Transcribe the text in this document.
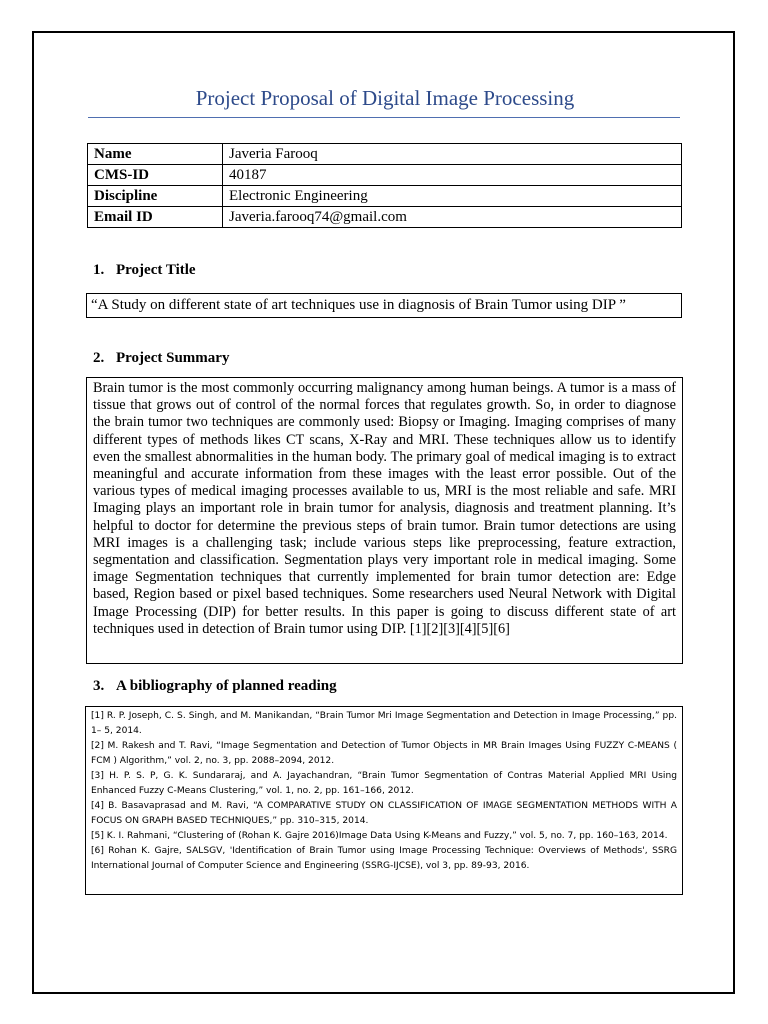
Project Proposal of Digital Image Processing
Name	Javeria Farooq
CMS-ID	40187
Discipline	Electronic Engineering
Email ID	Javeria.farooq74@gmail.com
1. Project Title
“A Study on different state of art techniques use in diagnosis of Brain Tumor using DIP ”
2. Project Summary
Brain tumor is the most commonly occurring malignancy among human beings. A tumor is a mass of tissue that grows out of control of the normal forces that regulates growth. So, in order to diagnose the brain tumor two techniques are commonly used: Biopsy or Imaging. Imaging comprises of many different types of methods likes CT scans, X-Ray and MRI. These techniques allow us to identify even the smallest abnormalities in the human body. The primary goal of medical imaging is to extract meaningful and accurate information from these images with the least error possible. Out of the various types of medical imaging processes available to us, MRI is the most reliable and safe. MRI Imaging plays an important role in brain tumor for analysis, diagnosis and treatment planning. It’s helpful to doctor for determine the previous steps of brain tumor. Brain tumor detections are using MRI images is a challenging task; include various steps like preprocessing, feature extraction, segmentation and classification. Segmentation plays very important role in medical imaging. Some image Segmentation techniques that currently implemented for brain tumor detection are: Edge based, Region based or pixel based techniques. Some researchers used Neural Network with Digital Image Processing (DIP) for better results. In this paper is going to discuss different state of art techniques used in detection of Brain tumor using DIP. [1][2][3][4][5][6]
3. A bibliography of planned reading

[1] R. P. Joseph, C. S. Singh, and M. Manikandan, “Brain Tumor Mri Image Segmentation and Detection in Image Processing,” pp. 1– 5, 2014.

[2] M. Rakesh and T. Ravi, “Image Segmentation and Detection of Tumor Objects in MR Brain Images Using FUZZY C-MEANS ( FCM ) Algorithm,” vol. 2, no. 3, pp. 2088–2094, 2012.

[3] H. P. S. P, G. K. Sundararaj, and A. Jayachandran, “Brain Tumor Segmentation of Contras Material Applied MRI Using Enhanced Fuzzy C-Means Clustering,” vol. 1, no. 2, pp. 161–166, 2012.

[4] B. Basavaprasad and M. Ravi, “A COMPARATIVE STUDY ON CLASSIFICATION OF IMAGE SEGMENTATION METHODS WITH A FOCUS ON GRAPH BASED TECHNIQUES,” pp. 310–315, 2014.

[5] K. I. Rahmani, “Clustering of (Rohan K. Gajre 2016)Image Data Using K-Means and Fuzzy,” vol. 5, no. 7, pp. 160–163, 2014.

[6] Rohan K. Gajre, SALSGV, 'Identification of Brain Tumor using Image Processing Technique: Overviews of Methods', SSRG International Journal of Computer Science and Engineering (SSRG-IJCSE), vol 3, pp. 89-93, 2016.
